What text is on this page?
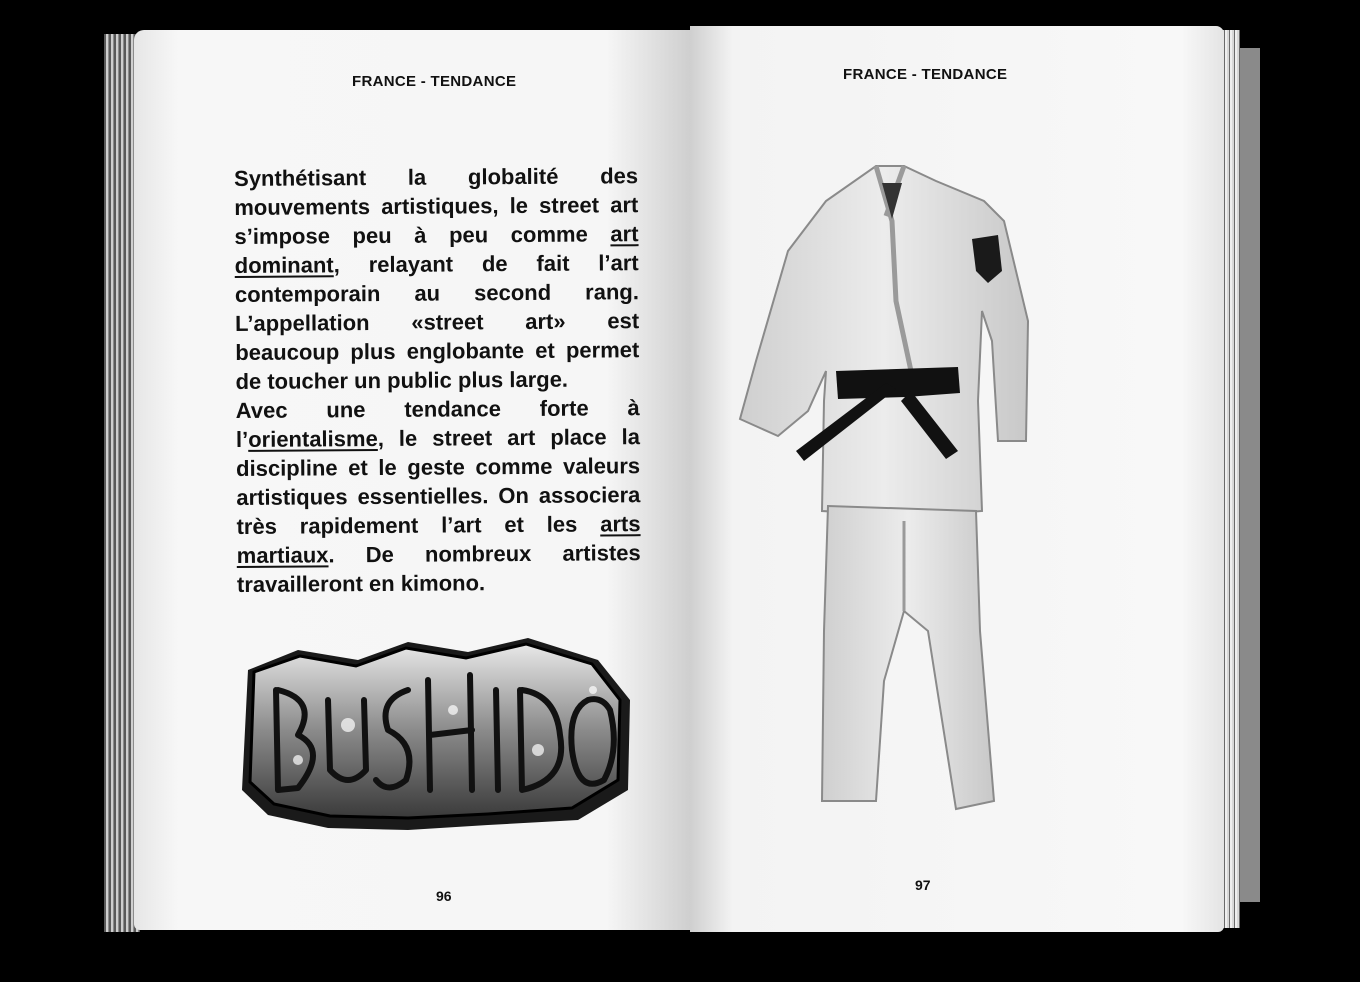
FRANCE - TENDANCE

Synthétisant la globalité des mouvements artistiques, le street art s’impose peu à peu comme art dominant, relayant de fait l’art contemporain au second rang. L’appellation «street art» est beaucoup plus englobante et permet de toucher un public plus large.

Avec une tendance forte à l’orientalisme, le street art place la discipline et le geste comme valeurs artistiques essentielles. On associera très rapidement l’art et les arts martiaux. De nombreux artistes travailleront en kimono.

96
FRANCE - TENDANCE
97
